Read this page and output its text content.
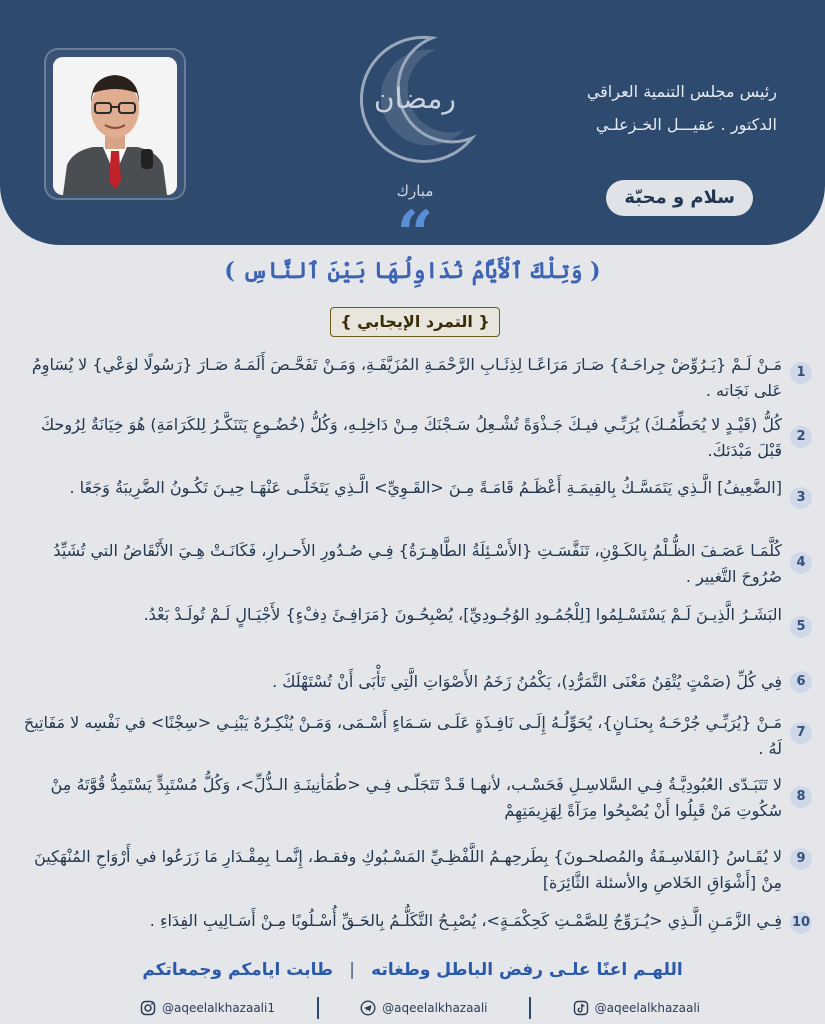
رمضان
مبارك
“
رئيس مجلس التنمية العراقي
الدكتور . عقيـــل الخـزعلـي
سلام و محبّة
( وَتِلْكَ ٱلْأَيَّامُ نُدَاوِلُهَا بَيْنَ ٱلنَّاسِ )
{ التمرد الإيجابي }
1
مَـنْ لَـمْ {يَـرُوِّضْ جِراحَـهُ} صَـارَ مَرَاعًـا لِذِئَـابِ الرَّحْمَـةِ المُزَيَّفَـةِ، وَمَـنْ تَفَحَّـصَ أَلَمَـهُ صَـارَ {رَسُولًا لوَعْي} لا يُسَاوِمُ عَلى نَجَاته .
2
كُلُّ (قَيْـدٍ لا يُحَطِّمُـكَ) يُرَبِّـي فيـكَ جَـذْوَةً تُشْـعِلُ سَـجْنَكَ مِـنْ دَاخِلِـهِ، وَكُلُّ (خُضُـوعٍ يَتَنَكَّـرُ لِلكَرَامَةِ) هُوَ خِيَانَةٌ لِرُوحكَ قَبْلَ مَبْدَئكَ.
3
[الضَّعِيفُ] الَّـذِي يَتَمَسَّـكُ بِالقِيمَـةِ أَعْظَـمُ قَامَـةً مِـنَ <القَـوِيِّ> الَّـذِي يَتَخَلَّـى عَنْهَـا حِيـنَ تَكُـونُ الضَّرِيبَةُ وَجَعًا .
4
كُلَّمَـا عَصَـفَ الظُّـلْمُ بِالكَـوْنِ، تَنَفَّسَـتِ {الأَسْـئِلَةُ الطَّاهِـرَةُ} فِـي صُـدُورِ الأَحـرارِ، فَكَانَـتْ هِـيَ الأَنْقَاضُ التي تُشَيِّدُ صُرُوحَ التَّغيير .
5
البَشَـرُ الَّذِيـنَ لَـمْ يَسْتَسْـلِمُوا [لِلْجُمُـودِ الوُجُـودِيِّ]، يُصْبِحُـونَ {مَرَافِـئَ دِفْءٍ} لأَجْيَـالٍ لَـمْ تُولَـدْ بَعْدُ.
6
فِي كُلِّ (صَمْتٍ يُتْقِنُ مَعْنَى التَّمَرُّدِ)، يَكْمُنُ زَخَمُ الأَصْوَاتِ الَّتِي تَأْبَى أَنْ تُسْتَهْلَكَ .
7
مَـنْ {يُرَبِّـي جُرْحَـهُ بِحنَـانٍ}، يُحَوِّلُـهُ إِلَـى نَافِـذَةٍ عَلَـى سَـمَاءٍ أَسْـمَى، وَمَـنْ يُنْكِـرُهُ يَبْنِـي <سِجْنًا> في نَفْسِه لا مَفَاتِيحَ لَهُ .
8
لا تَتَبَـدّى العُبُودِيَّـةُ فِـي السَّلاسِـلِ فَحَسْـب، لأنهـا قَـدْ تَتَجَلّـى فِـي <طُمَأنِينَـةِ الـذُّلِّ>، وَكُلُّ مُسْتَبِدٍّ يَسْتَمِدُّ قُوَّتَهُ مِنْ سُكُوتِ مَنْ قَبِلُوا أَنْ يُصْبِحُوا مِرَآةً لِهَزِيمَتِهِمْ
9
لا يُقَـاسُ {الفَلاسِـفَةُ والمُصلحـونَ} بِطَرحِهـمُ اللَّفْظِـيِّ المَسْـبُوكِ وفقـط، إِنَّمـا بِمِقْـدَارِ مَا زَرَعُوا في أَرْوَاحِ المُنْهَكِينَ مِنْ [أَشْوَاقِ الخَلاصِ والأسئلة الثَّائِرَة]
10
فِـي الزَّمَـنِ الَّـذِي <يُـرَوِّجُ لِلصَّمْـتِ كَحِكْمَـةٍ>، يُصْبِـحُ التَّكَلُّـمُ بِالحَـقِّ أُسْـلُوبًا مِـنْ أَسَـالِيبِ الفِدَاءِ .
اللهـم اعنًا علـى رفض الباطل وطغاته | طابت ايامكم وجمعاتكم
@aqeelalkhazaali1	@aqeelalkhazaali	@aqeelalkhazaali
